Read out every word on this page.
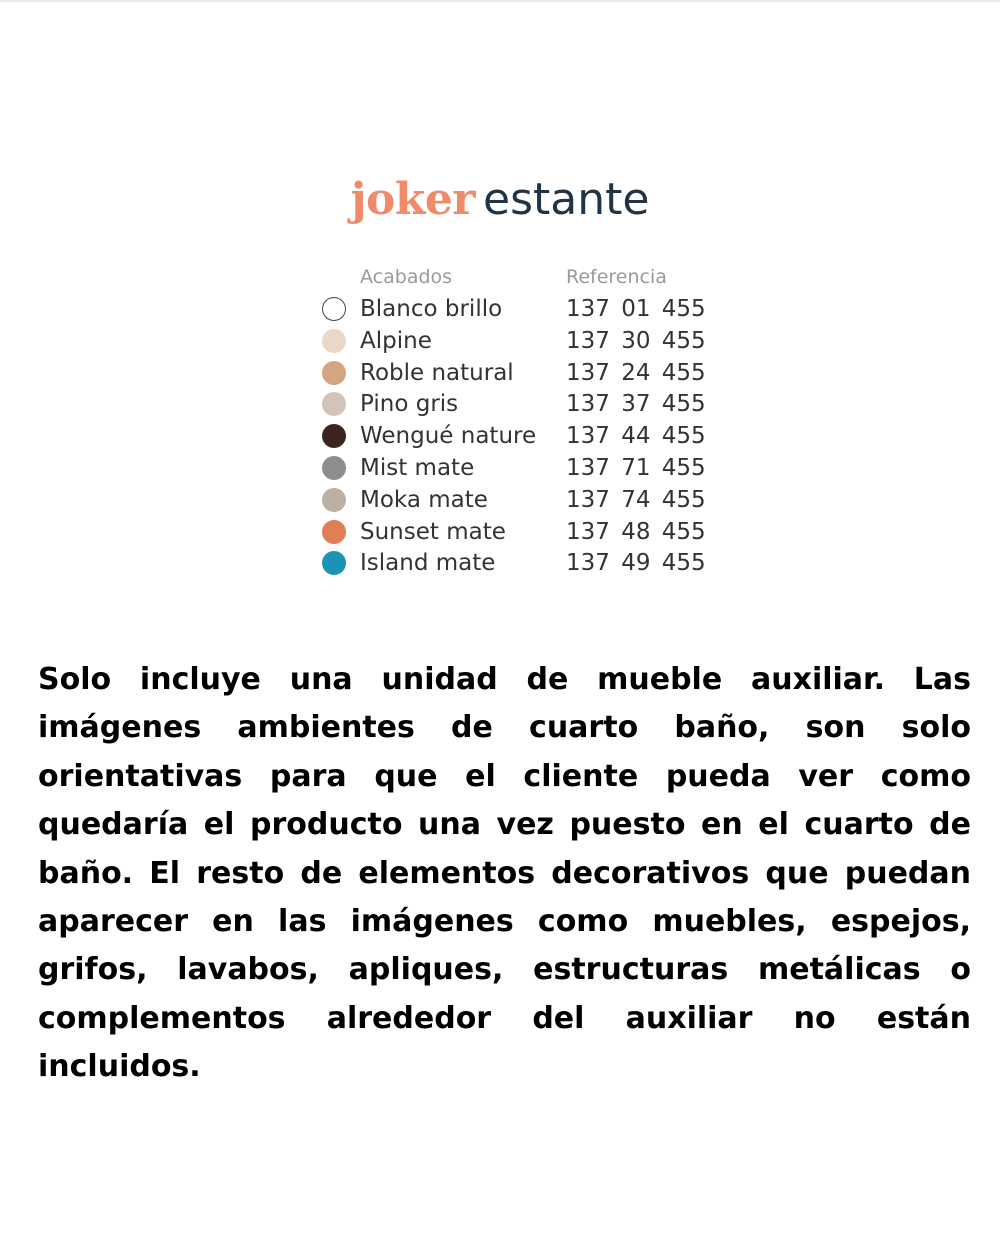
joker estante
Acabados	Referencia
Blanco brillo	137 01 455
Alpine	137 30 455
Roble natural 137 24 455
Pino gris	137 37 455
Wengué nature 137 44 455
Mist mate	137 71 455
Moka mate	137 74 455
Sunset mate	137 48 455
Island mate	137 49 455
Solo incluye una unidad de mueble auxiliar. Las imágenes ambientes de cuarto baño, son solo orientativas para que el cliente pueda ver como quedaría el producto una vez puesto en el cuarto de baño. El resto de elementos decorativos que puedan aparecer en las imágenes como muebles, espejos, grifos, lavabos, apliques, estructuras metálicas o complementos alrededor del auxiliar no están incluidos.
